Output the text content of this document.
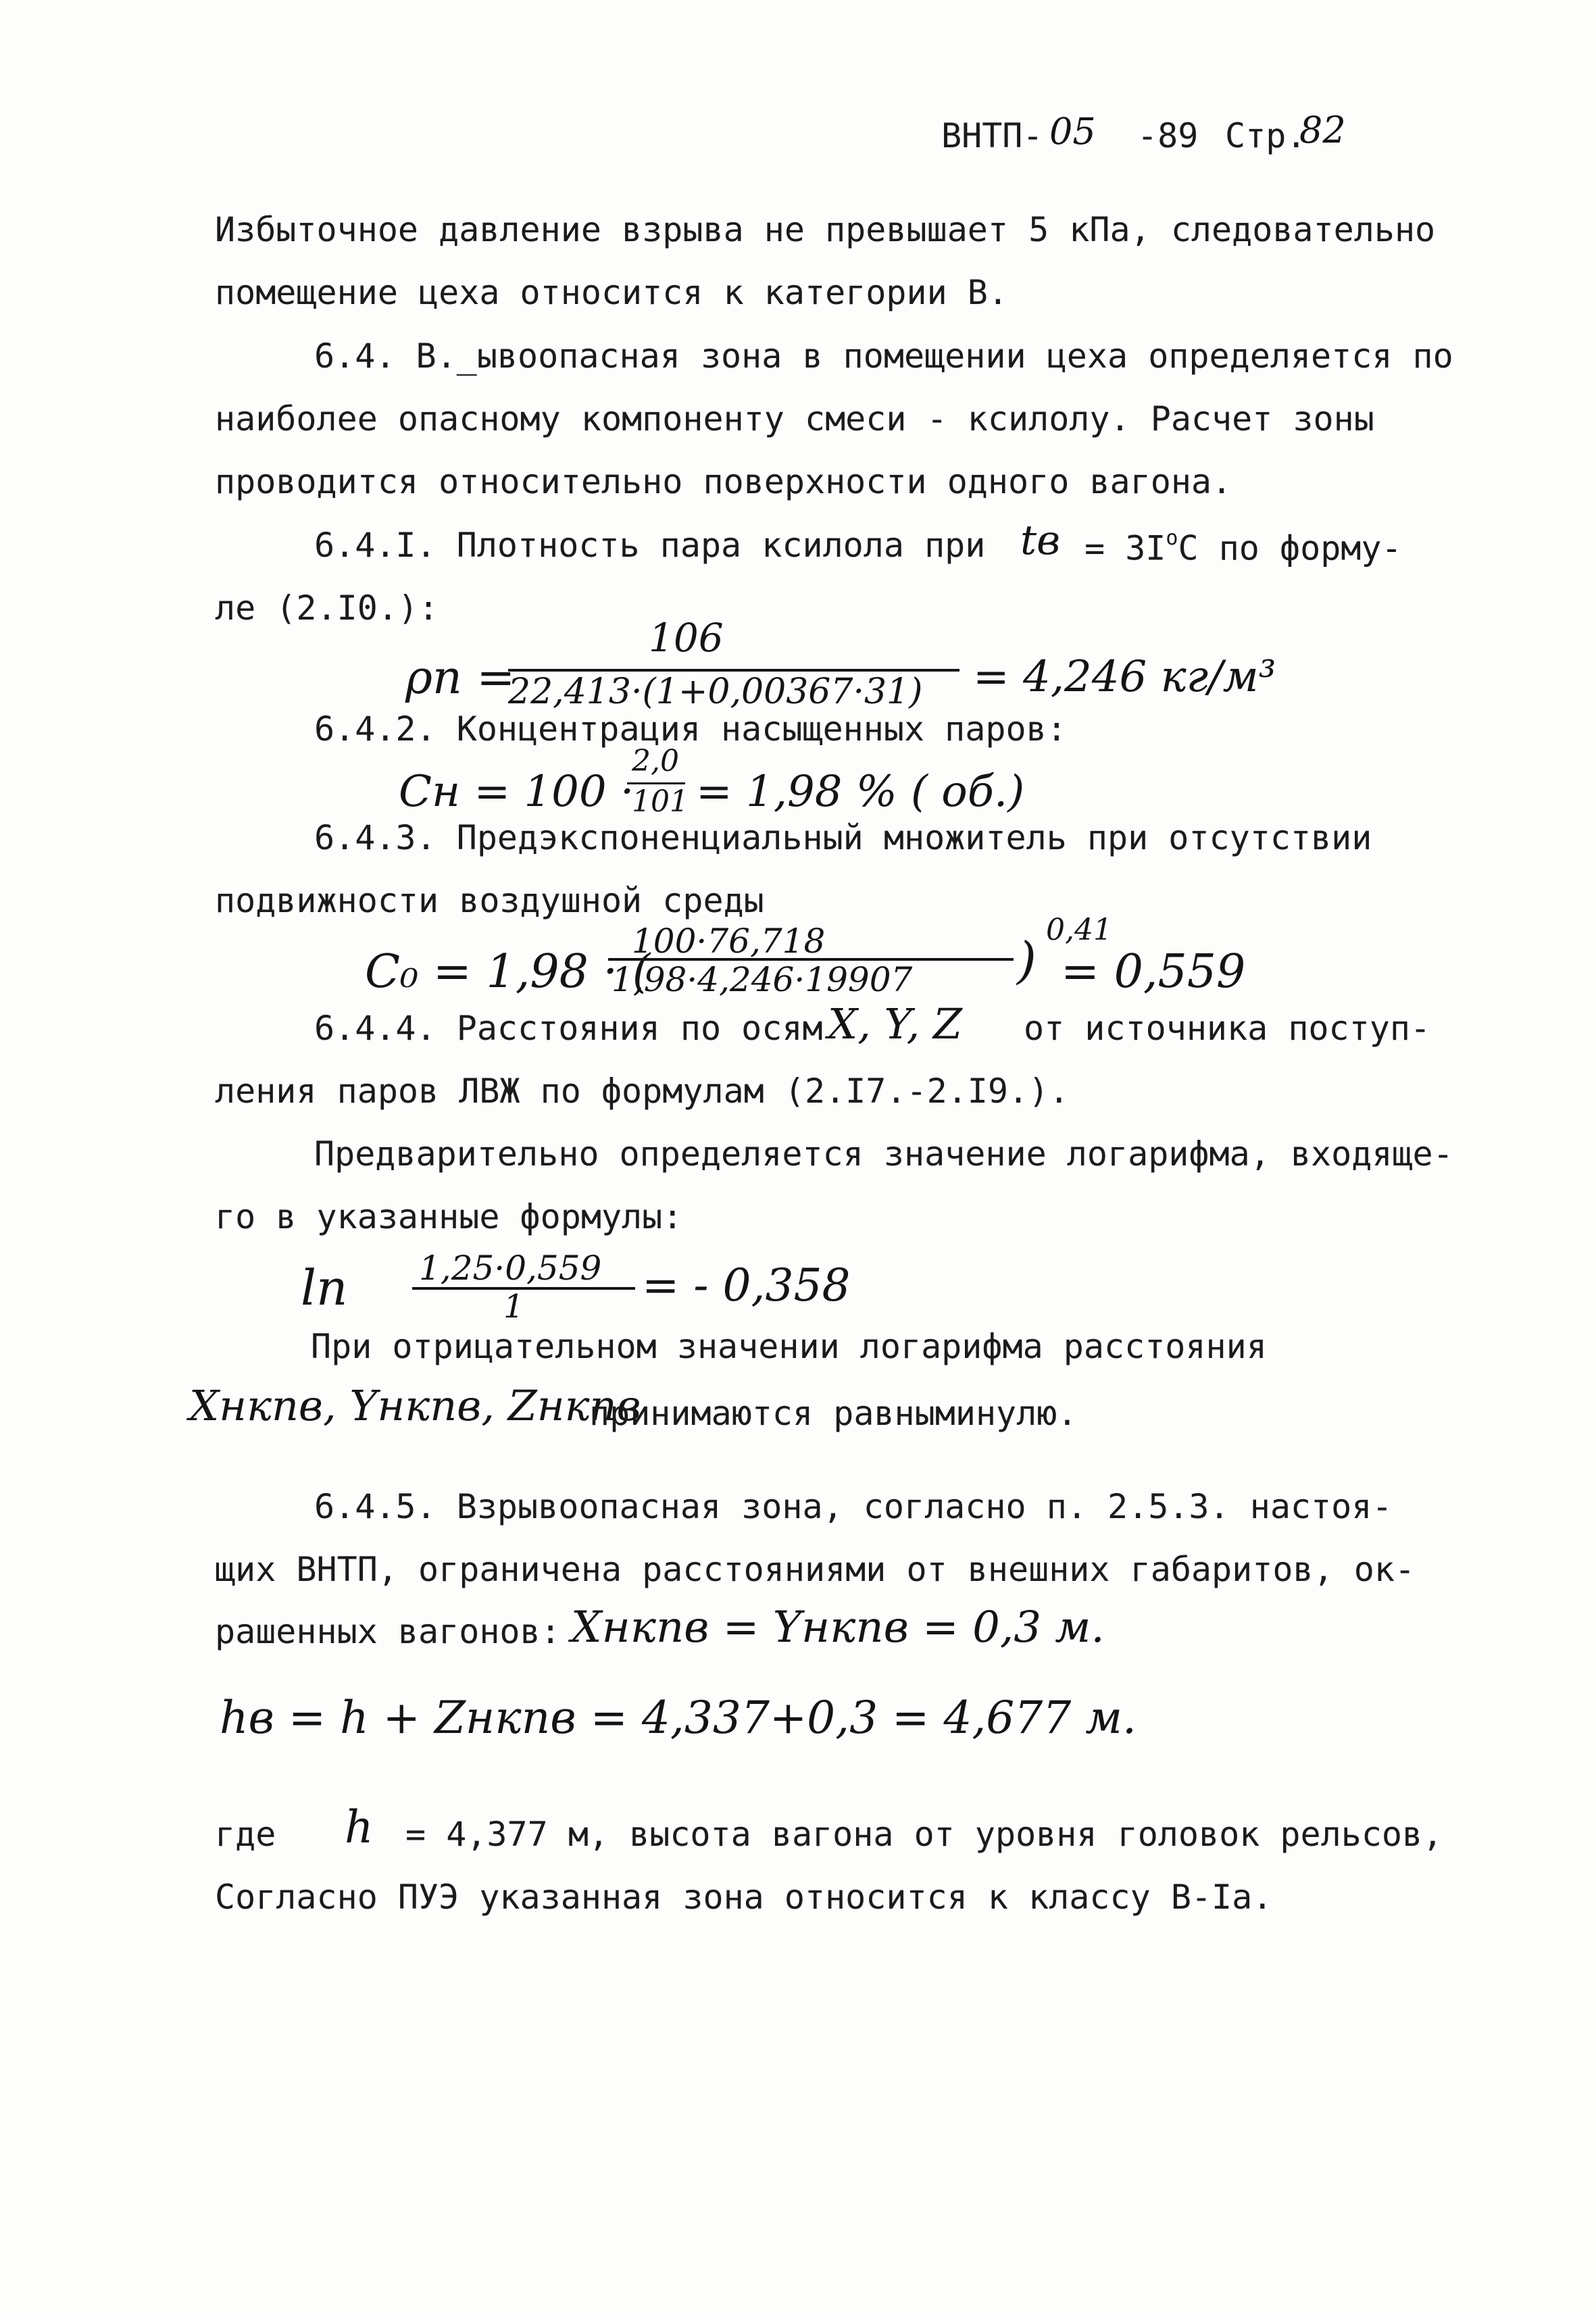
ВНТП- 05 -89 Стр.
82
Избыточное давление взрыва не превышает 5 кПа, следовательно
помещение цеха относится к категории В.
6.4. В._ывоопасная зона в помещении цеха определяется по
наиболее опасному компоненту смеси - ксилолу. Расчет зоны
проводится относительно поверхности одного вагона.
6.4.I. Плотность пара ксилола при tв = $3I^oC$ по форму-
ле (2.I0.):
ρп =
106
22,413·(1+0,00367·31) = 4,246 кг/м³
6.4.2. Концентрация насыщенных паров:
Cн = 100 ·
2,0
101 = 1,98 % ( об.)
6.4.3. Предэкспоненциальный множитель при отсутствии
подвижности воздушной среды
C₀ = 1,98 · (
100·76,718
1,98·4,246·19907 )
0,41
= 0,559
6.4.4. Расстояния по осям X, Y, Z от источника поступ-
ления паров ЛВЖ по формулам (2.I7.-2.I9.).
Предварительно определяется значение логарифма, входяще-
го в указанные формулы:
ln 1,25·0,559
1	= - 0,358
При отрицательном значении логарифма расстояния
Xнкпв, Yнкпв, Zнкпв
принимаются равныминулю.
6.4.5. Взрывоопасная зона, согласно п. 2.5.3. настоя-
щих ВНТП, ограничена расстояниями от внешних габаритов, ок-
рашенных вагонов: Xнкпв = Yнкпв = 0,3 м.
hв = h + Zнкпв = 4,337+0,3 = 4,677 м.
где h = 4,377 м, высота вагона от уровня головок рельсов,
Согласно ПУЭ указанная зона относится к классу В-Iа.
